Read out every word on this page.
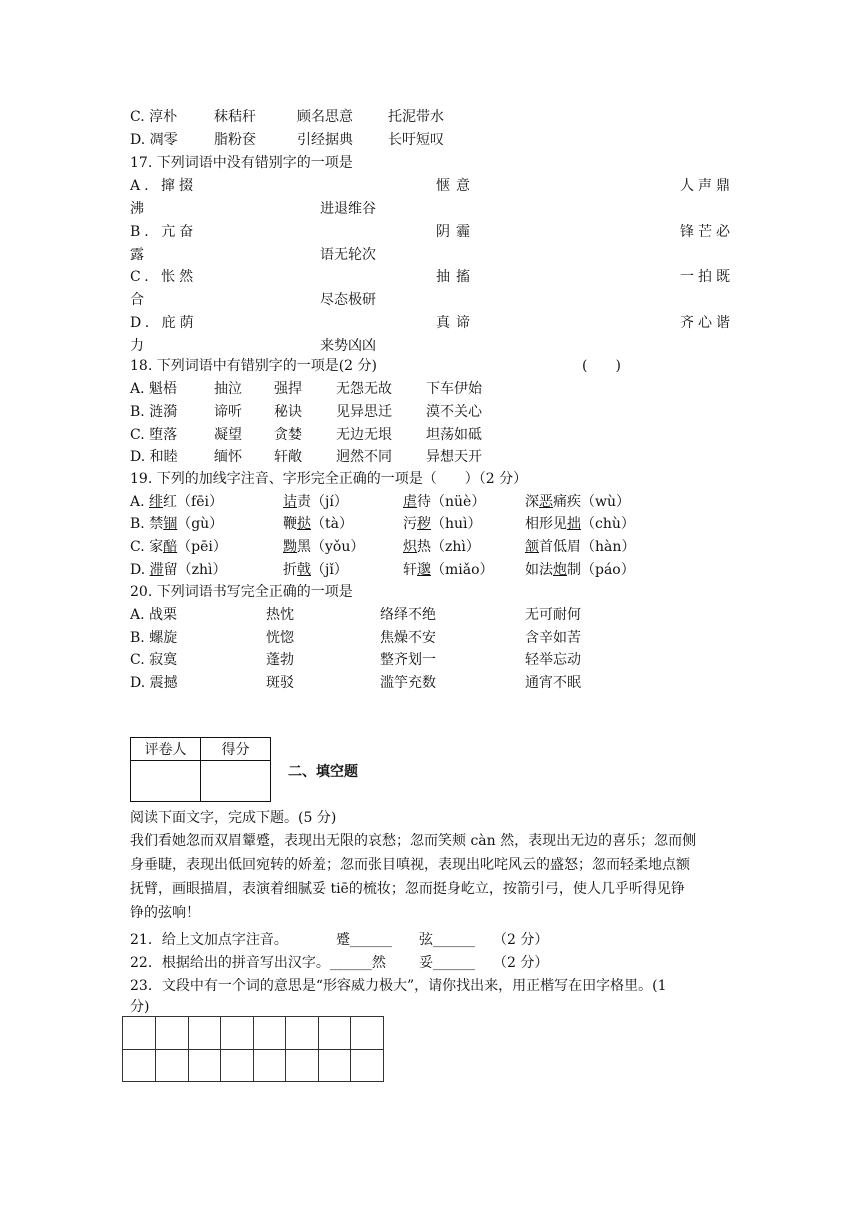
C. 淳朴	秣秸秆	顾名思意	托泥带水
D. 凋零	脂粉奁	引经据典	长吁短叹
17. 下列词语中没有错别字的一项是
A. 撺掇	惬意	人声鼎
沸	进退维谷
B. 亢奋	阴霾	锋芒必
露	语无轮次
C. 怅然	抽搐	一拍既
合	尽态极研
D. 庇荫	真谛	齐心谐
力	来势凶凶
18. 下列词语中有错别字的一项是(2 分)	(　　)
A. 魁梧	抽泣 强捍 无怨无故 下车伊始
B. 涟漪	谛听 秘诀 见异思迁 漠不关心
C. 堕落	凝望 贪婪 无边无垠 坦荡如砥
D. 和睦	缅怀 轩敞 迥然不同 异想天开
19. 下列的加线字注音、字形完全正确的一项是（　　）（2 分）
A. 绯红（fēi）	诘责（jí）	虐待（nüè）	深恶痛疾（wù）
B. 禁锢（gù）	鞭挞（tà）	污秽（huì）	相形见拙（chù）
C. 家醅（pēi）	黝黑（yǒu）	炽热（zhì）	颔首低眉（hàn）
D. 滞留（zhì）	折戟（jǐ）	轩邈（miǎo） 如法炮制（páo）
20. 下列词语书写完全正确的一项是
A. 战栗	热忱	络绎不绝	无可耐何
B. 螺旋	恍惚	焦燥不安	含辛如苦
C. 寂寞	蓬勃	整齐划一	轻举忘动
D. 震撼	斑驳	滥竽充数	通宵不眠
评卷人	得分

二、填空题
阅读下面文字，完成下题。(5 分)
我们看她忽而双眉颦蹙，表现出无限的哀愁；忽而笑颊 càn 然，表现出无边的喜乐；忽而侧
身垂睫，表现出低回宛转的娇羞；忽而张目嗔视，表现出叱咤风云的盛怒；忽而轻柔地点额
抚臂，画眼描眉，表演着细腻妥 tiē的梳妆；忽而挺身屹立，按箭引弓，使人几乎听得见铮
铮的弦响！
21．给上文加点字注音。	蹙______ 弦______ （2 分）
22．根据给出的拼音写出汉字。______然 妥______ （2 分）
23．文段中有一个词的意思是“形容威力极大”，请你找出来，用正楷写在田字格里。(1
分)
